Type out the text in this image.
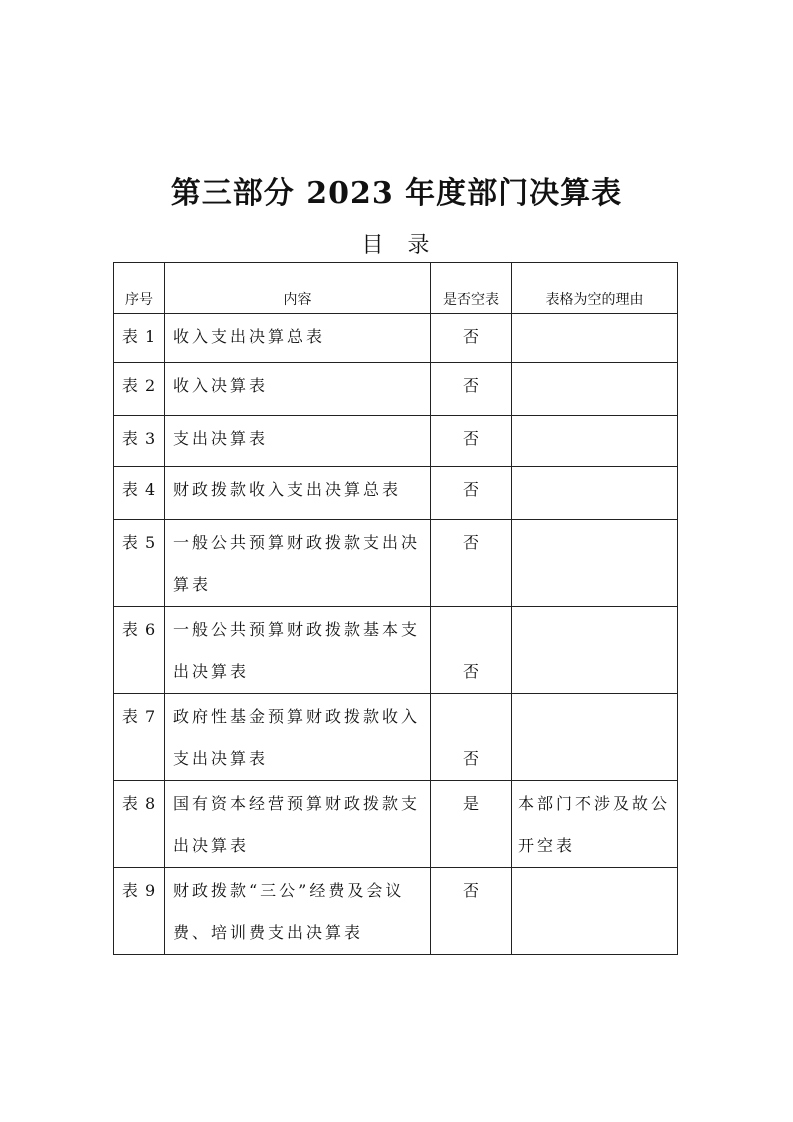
第三部分 2023 年度部门决算表
目 录
序号	内容	是否空表	表格为空的理由
表 1	收入支出决算总表	否	
表 2	收入决算表	否	
表 3	支出决算表	否	
表 4	财政拨款收入支出决算总表	否	
表 5	一般公共预算财政拨款支出决算表	否	
表 6	一般公共预算财政拨款基本支出决算表	否	
表 7	政府性基金预算财政拨款收入支出决算表	否	
表 8	国有资本经营预算财政拨款支出决算表	是	本部门不涉及故公开空表
表 9	财政拨款“三公”经费及会议费、培训费支出决算表	否	
